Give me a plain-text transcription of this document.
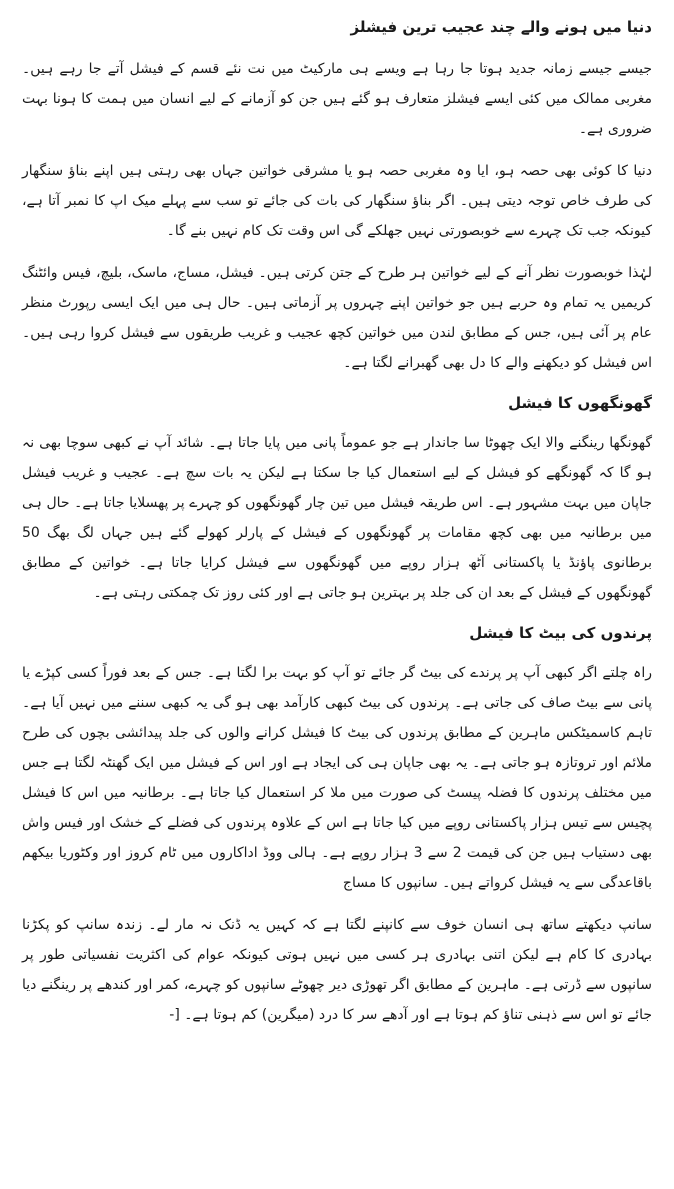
دنیا میں ہونے والے چند عجیب ترین فیشلز

جیسے جیسے زمانہ جدید ہوتا جا رہا ہے ویسے ہی مارکیٹ میں نت نئے قسم کے فیشل آتے جا رہے ہیں۔ مغربی ممالک میں کئی ایسے فیشلز متعارف ہو گئے ہیں جن کو آزمانے کے لیے انسان میں ہمت کا ہونا بہت ضروری ہے۔

دنیا کا کوئی بھی حصہ ہو، ایا وہ مغربی حصہ ہو یا مشرقی خواتین جہاں بھی رہتی ہیں اپنے بناؤ سنگھار کی طرف خاص توجہ دیتی ہیں۔ اگر بناؤ سنگھار کی بات کی جائے تو سب سے پہلے میک اپ کا نمبر آتا ہے، کیونکہ جب تک چہرے سے خوبصورتی نہیں جھلکے گی اس وقت تک کام نہیں بنے گا۔

لہٰذا خوبصورت نظر آنے کے لیے خواتین ہر طرح کے جتن کرتی ہیں۔ فیشل، مساج، ماسک، بلیچ، فیس وائٹنگ کریمیں یہ تمام وہ حربے ہیں جو خواتین اپنے چہروں پر آزماتی ہیں۔ حال ہی میں ایک ایسی رپورٹ منظر عام پر آئی ہیں، جس کے مطابق لندن میں خواتین کچھ عجیب و غریب طریقوں سے فیشل کروا رہی ہیں۔ اس فیشل کو دیکھنے والے کا دل بھی گھبرانے لگتا ہے۔

گھونگھوں کا فیشل

گھونگھا رینگنے والا ایک چھوٹا سا جاندار ہے جو عموماً پانی میں پایا جاتا ہے۔ شائد آپ نے کبھی سوچا بھی نہ ہو گا کہ گھونگھے کو فیشل کے لیے استعمال کیا جا سکتا ہے لیکن یہ بات سچ ہے۔ عجیب و غریب فیشل جاپان میں بہت مشہور ہے۔ اس طریقہ فیشل میں تین چار گھونگھوں کو چہرے پر پھسلایا جاتا ہے۔ حال ہی میں برطانیہ میں بھی کچھ مقامات پر گھونگھوں کے فیشل کے پارلر کھولے گئے ہیں جہاں لگ بھگ 50 برطانوی پاؤنڈ یا پاکستانی آٹھ ہزار روپے میں گھونگھوں سے فیشل کرایا جاتا ہے۔ خواتین کے مطابق گھونگھوں کے فیشل کے بعد ان کی جلد پر بہترین ہو جاتی ہے اور کئی روز تک چمکتی رہتی ہے۔

پرندوں کی بیٹ کا فیشل

راہ چلتے اگر کبھی آپ پر پرندے کی بیٹ گر جائے تو آپ کو بہت برا لگتا ہے۔ جس کے بعد فوراً کسی کپڑے یا پانی سے بیٹ صاف کی جاتی ہے۔ پرندوں کی بیٹ کبھی کارآمد بھی ہو گی یہ کبھی سننے میں نہیں آیا ہے۔ تاہم کاسمیٹکس ماہرین کے مطابق پرندوں کی بیٹ کا فیشل کرانے والوں کی جلد پیدائشی بچوں کی طرح ملائم اور تروتازہ ہو جاتی ہے۔ یہ بھی جاپان ہی کی ایجاد ہے اور اس کے فیشل میں ایک گھنٹہ لگتا ہے جس میں مختلف پرندوں کا فضلہ پیسٹ کی صورت میں ملا کر استعمال کیا جاتا ہے۔ برطانیہ میں اس کا فیشل پچیس سے تیس ہزار پاکستانی روپے میں کیا جاتا ہے اس کے علاوہ پرندوں کی فضلے کے خشک اور فیس واش بھی دستیاب ہیں جن کی قیمت 2 سے 3 ہزار روپے ہے۔ ہالی ووڈ اداکاروں میں ٹام کروز اور وکٹوریا بیکھم باقاعدگی سے یہ فیشل کرواتے ہیں۔ سانپوں کا مساج

سانپ دیکھتے ساتھ ہی انسان خوف سے کانپنے لگتا ہے کہ کہیں یہ ڈنک نہ مار لے۔ زندہ سانپ کو پکڑنا بہادری کا کام ہے لیکن اتنی بہادری ہر کسی میں نہیں ہوتی کیونکہ عوام کی اکثریت نفسیاتی طور پر سانپوں سے ڈرتی ہے۔ ماہرین کے مطابق اگر تھوڑی دیر چھوٹے سانپوں کو چہرے، کمر اور کندھے پر رینگنے دیا جائے تو اس سے ذہنی تناؤ کم ہوتا ہے اور آدھے سر کا درد (میگرین) کم ہوتا ہے۔ [-
